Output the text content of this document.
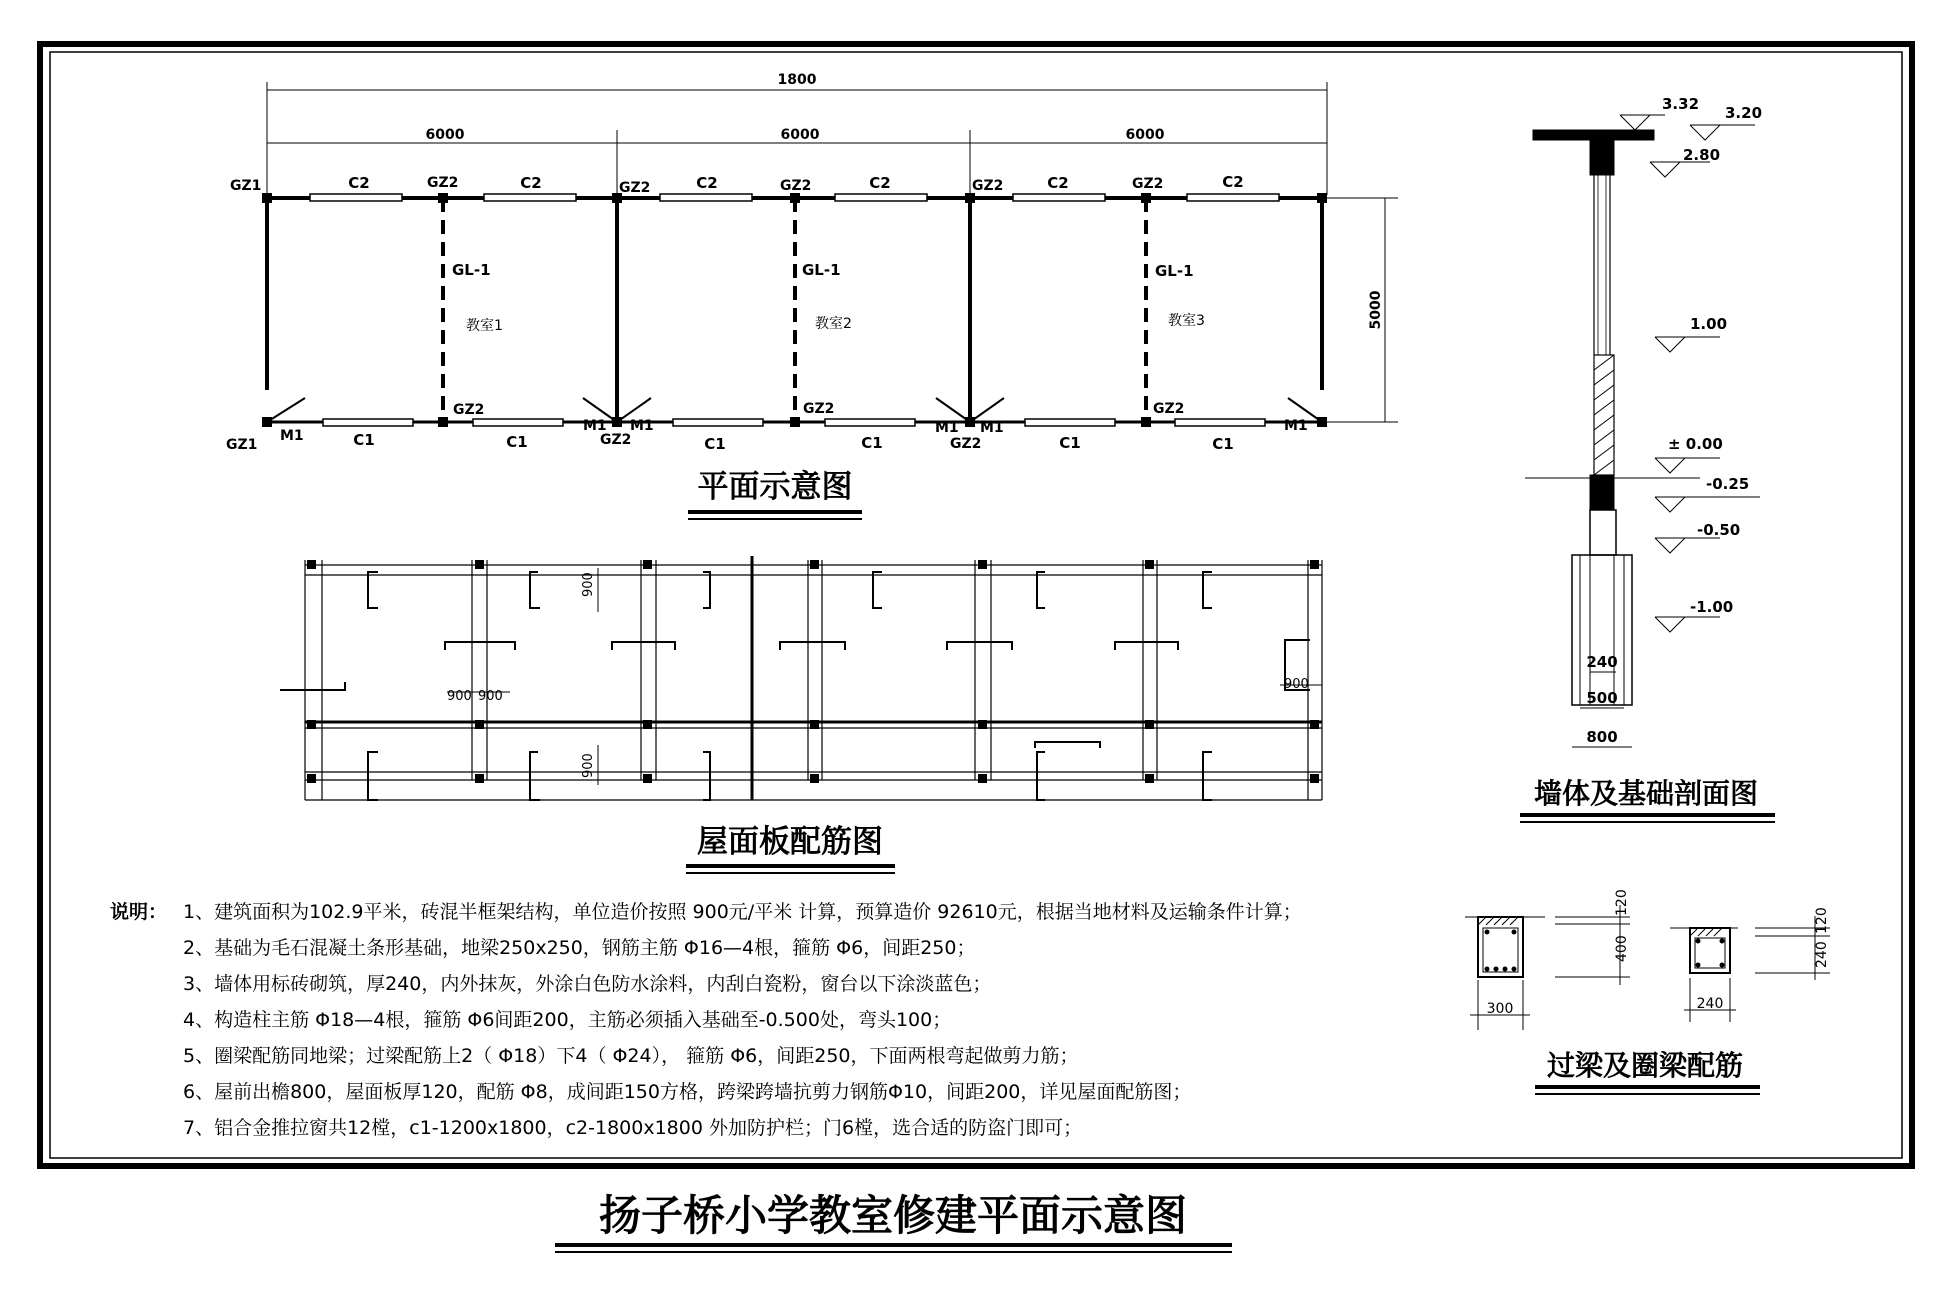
1800
6000	6000	6000
5000
GZ1	GZ2	GZ2	GZ2	GZ2	GZ2
GZ2	GZ2	GZ2
GZ1	GZ2	GZ2
C2	C2	C2	C2	C2	C2
C1	C1	C1	C1	C1	C1
M1
M1 M1	M1 M1	M1
GL-1	GL-1	GL-1
教室1	教室2	教室3
平面示意图
900
900
900 900
900
屋面板配筋图
3.32 3.20
2.80
1.00
± 0.00
-0.25
-0.50
-1.00
240
500
800
墙体及基础剖面图
120
400
300
120
240
240
过梁及圈梁配筋
扬子桥小学教室修建平面示意图
说明： 1、建筑面积为102.9平米，砖混半框架结构，单位造价按照 900元/平米 计算，预算造价 92610元，根据当地材料及运输条件计算；
2、基础为毛石混凝土条形基础，地梁250x250，钢筋主筋 Φ16—4根，箍筋 Φ6，间距250；
3、墙体用标砖砌筑，厚240，内外抹灰，外涂白色防水涂料，内刮白瓷粉，窗台以下涂淡蓝色；
4、构造柱主筋 Φ18—4根，箍筋 Φ6间距200，主筋必须插入基础至-0.500处，弯头100；
5、圈梁配筋同地梁；过梁配筋上2（ Φ18）下4（ Φ24）， 箍筋 Φ6，间距250，下面两根弯起做剪力筋；
6、屋前出檐800，屋面板厚120，配筋 Φ8，成间距150方格，跨梁跨墙抗剪力钢筋Φ10，间距200，详见屋面配筋图；
7、铝合金推拉窗共12樘，c1-1200x1800，c2-1800x1800 外加防护栏；门6樘，选合适的防盗门即可；
